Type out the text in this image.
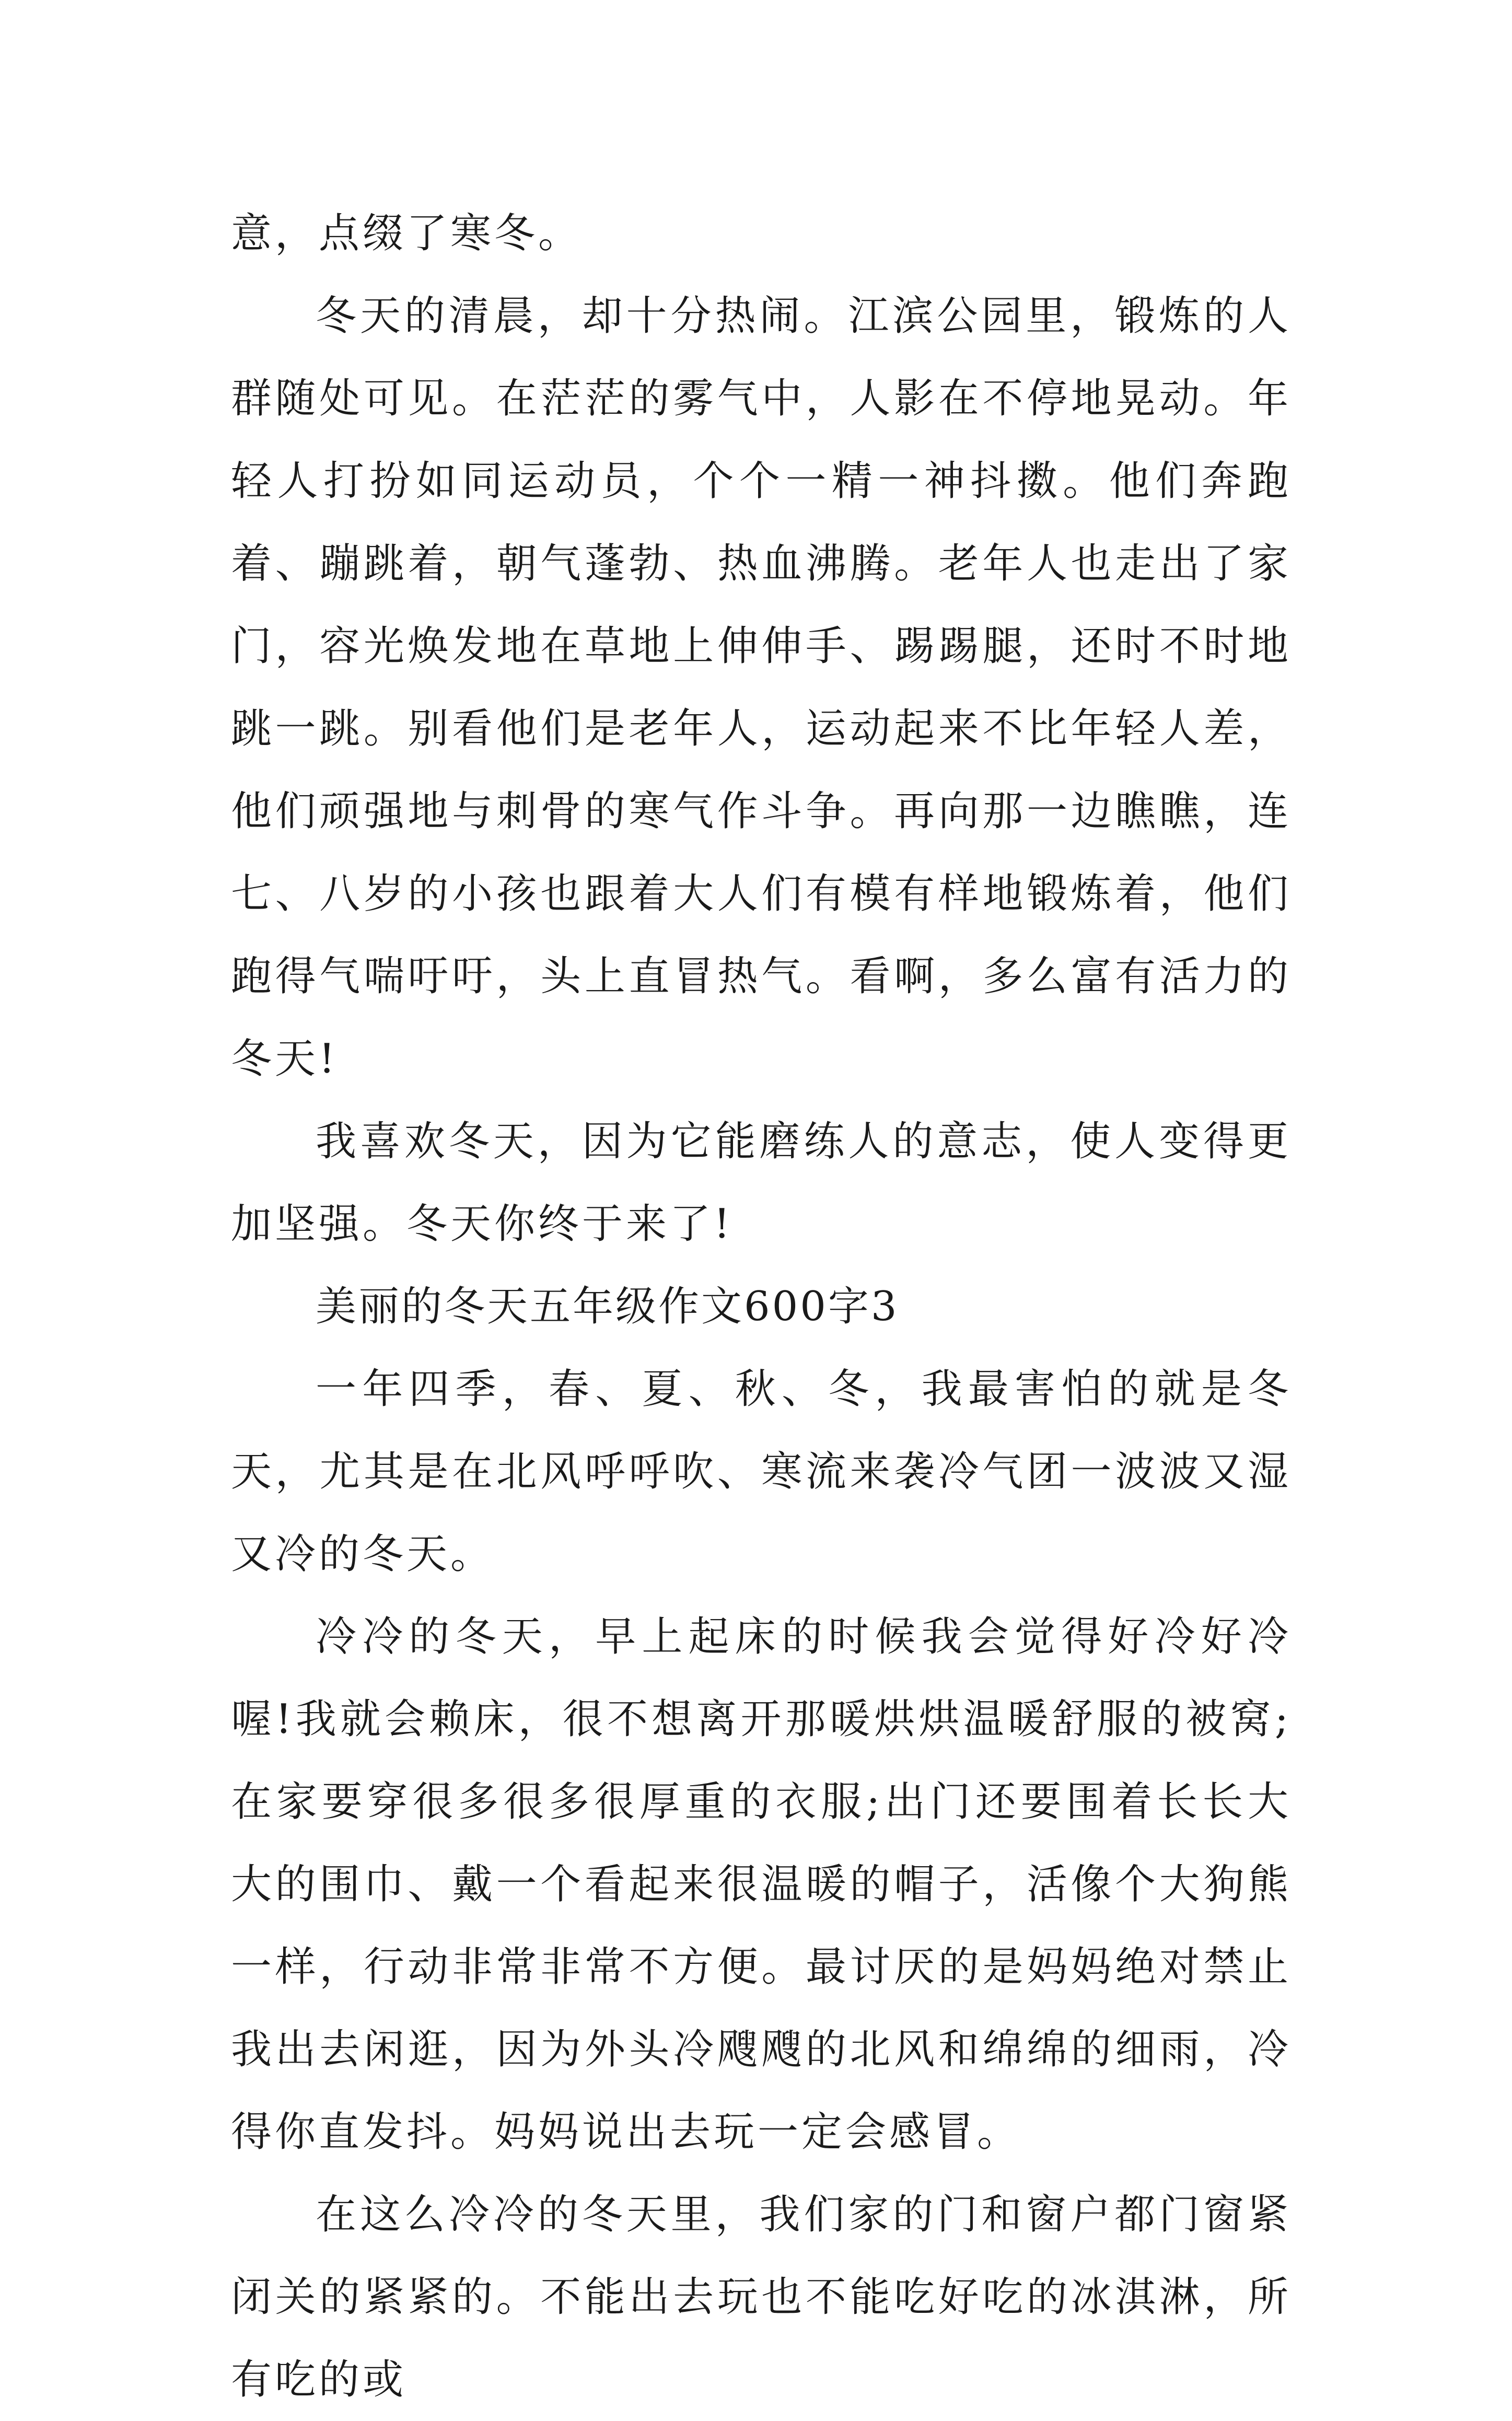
意，点缀了寒冬。

冬天的清晨，却十分热闹。江滨公园里，锻炼的人群随处可见。在茫茫的雾气中，人影在不停地晃动。年轻人打扮如同运动员，个个一精一神抖擞。他们奔跑着、蹦跳着，朝气蓬勃、热血沸腾。老年人也走出了家门，容光焕发地在草地上伸伸手、踢踢腿，还时不时地跳一跳。别看他们是老年人，运动起来不比年轻人差，他们顽强地与刺骨的寒气作斗争。再向那一边瞧瞧，连七、八岁的小孩也跟着大人们有模有样地锻炼着，他们跑得气喘吁吁，头上直冒热气。看啊，多么富有活力的冬天!

我喜欢冬天，因为它能磨练人的意志，使人变得更加坚强。冬天你终于来了!

美丽的冬天五年级作文600字3

一年四季，春、夏、秋、冬，我最害怕的就是冬天，尤其是在北风呼呼吹、寒流来袭冷气团一波波又湿又冷的冬天。

冷冷的冬天，早上起床的时候我会觉得好冷好冷喔!我就会赖床，很不想离开那暖烘烘温暖舒服的被窝;在家要穿很多很多很厚重的衣服;出门还要围着长长大大的围巾、戴一个看起来很温暖的帽子，活像个大狗熊一样，行动非常非常不方便。最讨厌的是妈妈绝对禁止我出去闲逛，因为外头冷飕飕的北风和绵绵的细雨，冷得你直发抖。妈妈说出去玩一定会感冒。

在这么冷冷的冬天里，我们家的门和窗户都门窗紧闭关的紧紧的。不能出去玩也不能吃好吃的冰淇淋，所有吃的或
